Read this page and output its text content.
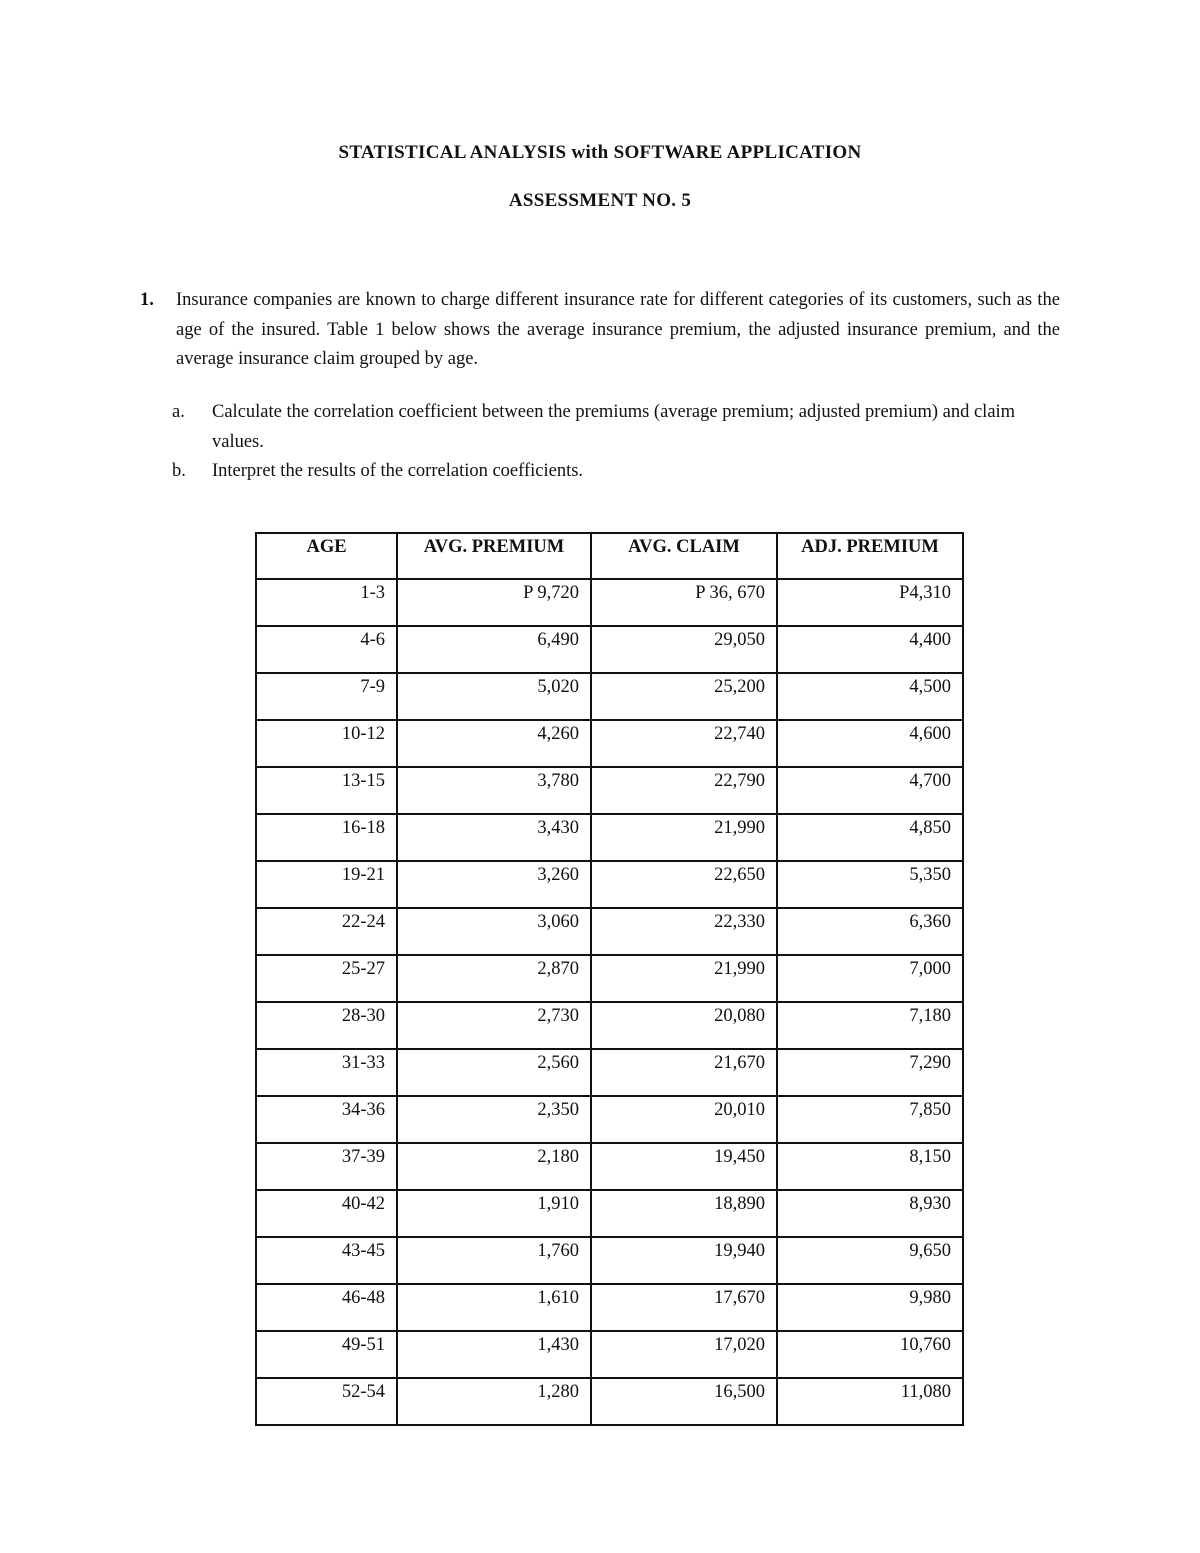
STATISTICAL ANALYSIS with SOFTWARE APPLICATION
ASSESSMENT NO. 5
1. Insurance companies are known to charge different insurance rate for different categories of its customers, such as the age of the insured. Table 1 below shows the average insurance premium, the adjusted insurance premium, and the average insurance claim grouped by age.
a. Calculate the correlation coefficient between the premiums (average premium; adjusted premium) and claim values.
b. Interpret the results of the correlation coefficients.
AGE	AVG. PREMIUM	AVG. CLAIM	ADJ. PREMIUM
1-3	P 9,720	P 36, 670	P4,310
4-6	6,490	29,050	4,400
7-9	5,020	25,200	4,500
10-12	4,260	22,740	4,600
13-15	3,780	22,790	4,700
16-18	3,430	21,990	4,850
19-21	3,260	22,650	5,350
22-24	3,060	22,330	6,360
25-27	2,870	21,990	7,000
28-30	2,730	20,080	7,180
31-33	2,560	21,670	7,290
34-36	2,350	20,010	7,850
37-39	2,180	19,450	8,150
40-42	1,910	18,890	8,930
43-45	1,760	19,940	9,650
46-48	1,610	17,670	9,980
49-51	1,430	17,020	10,760
52-54	1,280	16,500	11,080
